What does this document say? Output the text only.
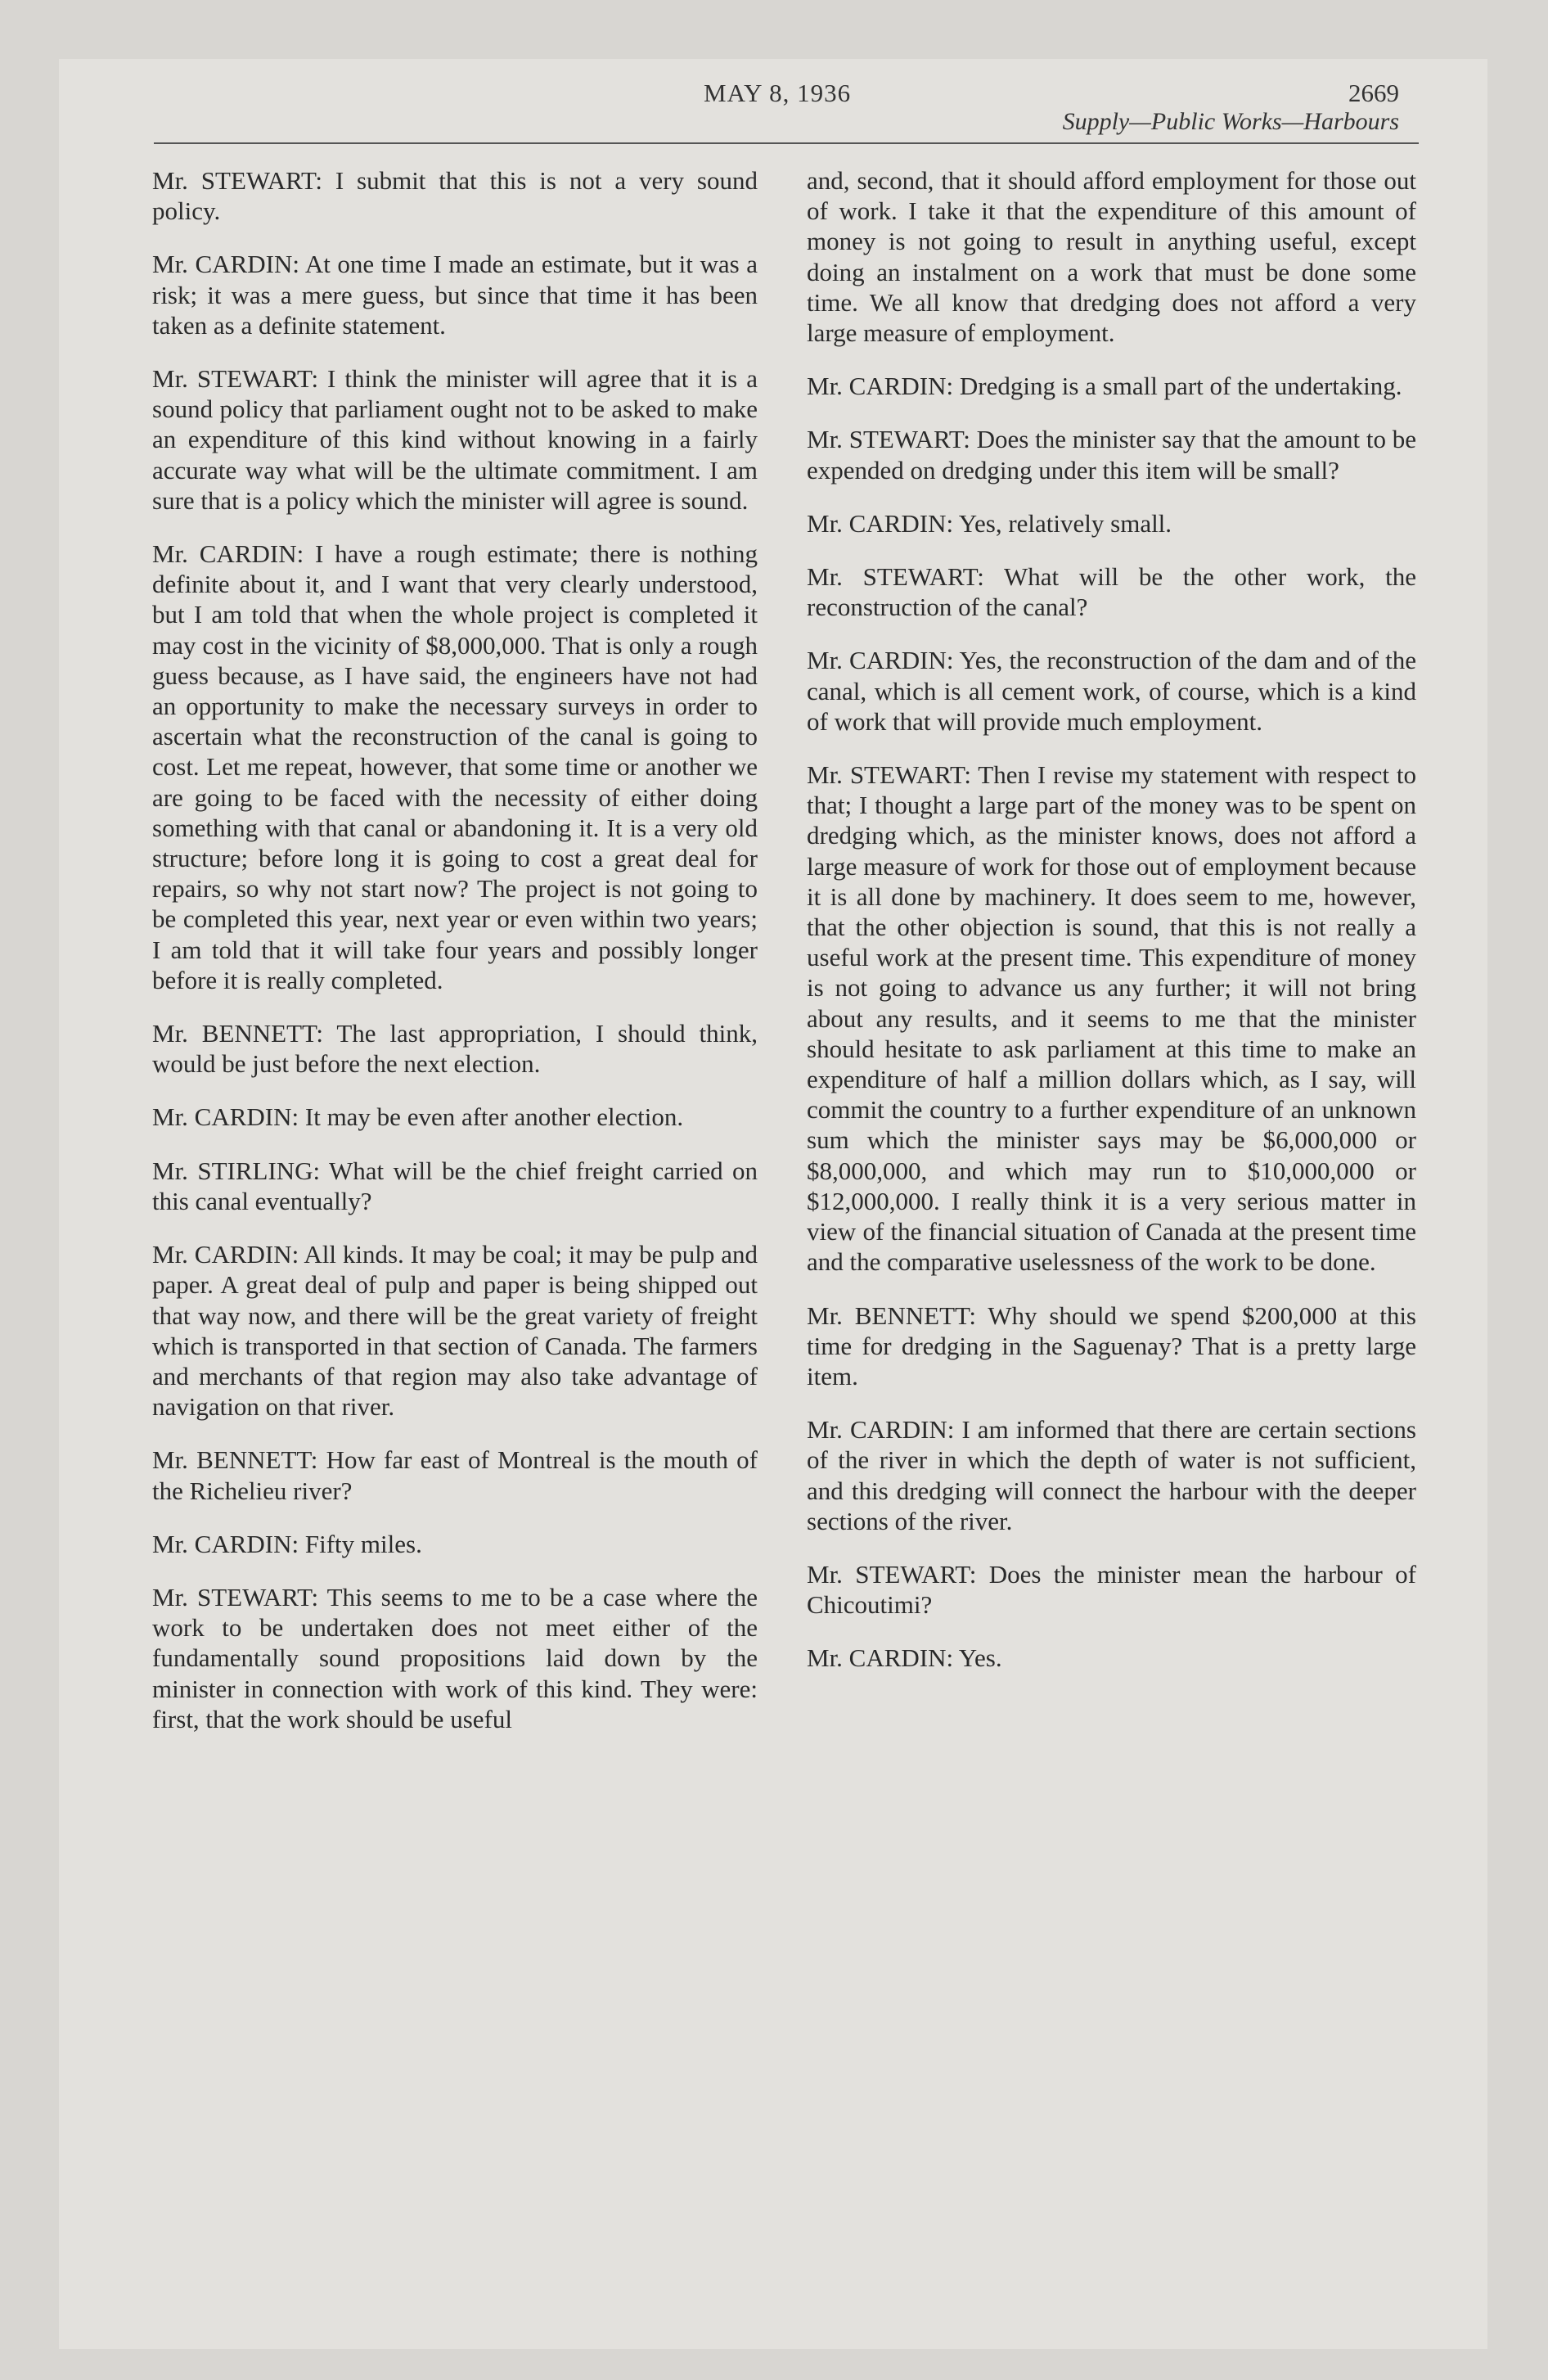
MAY 8, 1936	2669
Supply—Public Works—Harbours

Mr. STEWART: I submit that this is not a very sound policy.

Mr. CARDIN: At one time I made an estimate, but it was a risk; it was a mere guess, but since that time it has been taken as a definite statement.

Mr. STEWART: I think the minister will agree that it is a sound policy that parliament ought not to be asked to make an expenditure of this kind without knowing in a fairly accurate way what will be the ultimate commitment. I am sure that is a policy which the minister will agree is sound.

Mr. CARDIN: I have a rough estimate; there is nothing definite about it, and I want that very clearly understood, but I am told that when the whole project is completed it may cost in the vicinity of $8,000,000. That is only a rough guess because, as I have said, the engineers have not had an opportunity to make the necessary surveys in order to ascertain what the reconstruction of the canal is going to cost. Let me repeat, however, that some time or another we are going to be faced with the necessity of either doing something with that canal or abandoning it. It is a very old structure; before long it is going to cost a great deal for repairs, so why not start now? The project is not going to be completed this year, next year or even within two years; I am told that it will take four years and possibly longer before it is really completed.

Mr. BENNETT: The last appropriation, I should think, would be just before the next election.

Mr. CARDIN: It may be even after another election.

Mr. STIRLING: What will be the chief freight carried on this canal eventually?

Mr. CARDIN: All kinds. It may be coal; it may be pulp and paper. A great deal of pulp and paper is being shipped out that way now, and there will be the great variety of freight which is transported in that section of Canada. The farmers and merchants of that region may also take advantage of navigation on that river.

Mr. BENNETT: How far east of Montreal is the mouth of the Richelieu river?

Mr. CARDIN: Fifty miles.

Mr. STEWART: This seems to me to be a case where the work to be undertaken does not meet either of the fundamentally sound propositions laid down by the minister in connection with work of this kind. They were: first, that the work should be useful

and, second, that it should afford employment for those out of work. I take it that the expenditure of this amount of money is not going to result in anything useful, except doing an instalment on a work that must be done some time. We all know that dredging does not afford a very large measure of employment.

Mr. CARDIN: Dredging is a small part of the undertaking.

Mr. STEWART: Does the minister say that the amount to be expended on dredging under this item will be small?

Mr. CARDIN: Yes, relatively small.

Mr. STEWART: What will be the other work, the reconstruction of the canal?

Mr. CARDIN: Yes, the reconstruction of the dam and of the canal, which is all cement work, of course, which is a kind of work that will provide much employment.

Mr. STEWART: Then I revise my statement with respect to that; I thought a large part of the money was to be spent on dredging which, as the minister knows, does not afford a large measure of work for those out of employment because it is all done by machinery. It does seem to me, however, that the other objection is sound, that this is not really a useful work at the present time. This expenditure of money is not going to advance us any further; it will not bring about any results, and it seems to me that the minister should hesitate to ask parliament at this time to make an expenditure of half a million dollars which, as I say, will commit the country to a further expenditure of an unknown sum which the minister says may be $6,000,000 or $8,000,000, and which may run to $10,000,000 or $12,000,000. I really think it is a very serious matter in view of the financial situation of Canada at the present time and the comparative uselessness of the work to be done.

Mr. BENNETT: Why should we spend $200,000 at this time for dredging in the Saguenay? That is a pretty large item.

Mr. CARDIN: I am informed that there are certain sections of the river in which the depth of water is not sufficient, and this dredging will connect the harbour with the deeper sections of the river.

Mr. STEWART: Does the minister mean the harbour of Chicoutimi?

Mr. CARDIN: Yes.
